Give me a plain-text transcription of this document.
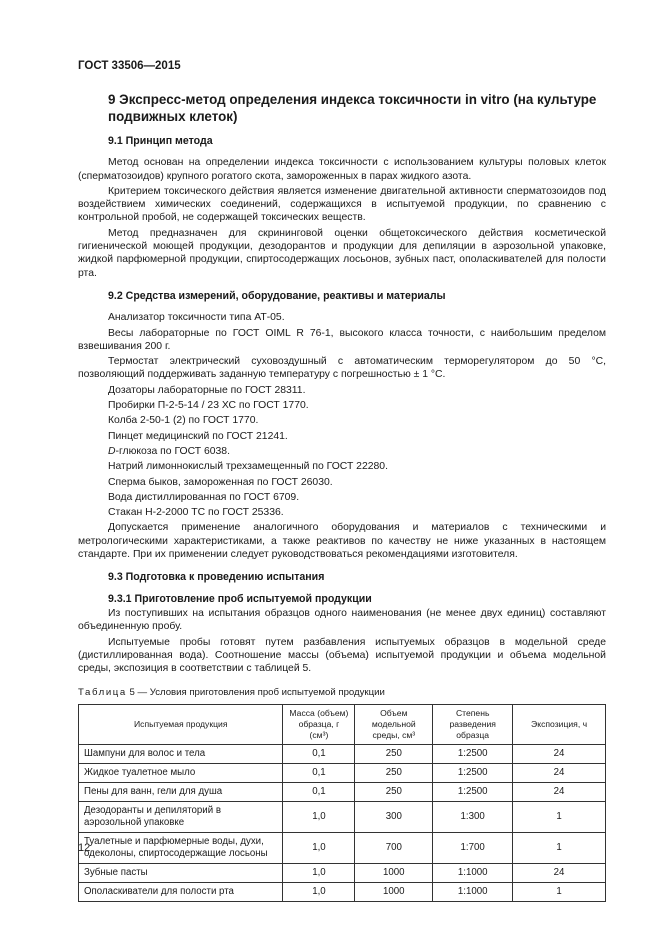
ГОСТ 33506—2015
9 Экспресс-метод определения индекса токсичности in vitro (на культуре подвижных клеток)
9.1 Принцип метода
Метод основан на определении индекса токсичности с использованием культуры половых клеток (сперматозоидов) крупного рогатого скота, замороженных в парах жидкого азота.
Критерием токсического действия является изменение двигательной активности сперматозоидов под воздействием химических соединений, содержащихся в испытуемой продукции, по сравнению с контрольной пробой, не содержащей токсических веществ.
Метод предназначен для скрининговой оценки общетоксического действия косметической гигиенической моющей продукции, дезодорантов и продукции для депиляции в аэрозольной упаковке, жидкой парфюмерной продукции, спиртосодержащих лосьонов, зубных паст, ополаскивателей для полости рта.
9.2 Средства измерений, оборудование, реактивы и материалы
Анализатор токсичности типа АТ-05.
Весы лабораторные по ГОСТ OIML R 76-1, высокого класса точности, с наибольшим пределом взвешивания 200 г.
Термостат электрический суховоздушный с автоматическим терморегулятором до 50 °С, позволяющий поддерживать заданную температуру с погрешностью ± 1 °С.
Дозаторы лабораторные по ГОСТ 28311.
Пробирки П-2-5-14 / 23 ХС по ГОСТ 1770.
Колба 2-50-1 (2) по ГОСТ 1770.
Пинцет медицинский по ГОСТ 21241.
D-глюкоза по ГОСТ 6038.
Натрий лимоннокислый трехзамещенный по ГОСТ 22280.
Сперма быков, замороженная по ГОСТ 26030.
Вода дистиллированная по ГОСТ 6709.
Стакан Н-2-2000 ТС по ГОСТ 25336.
Допускается применение аналогичного оборудования и материалов с техническими и метрологическими характеристиками, а также реактивов по качеству не ниже указанных в настоящем стандарте. При их применении следует руководствоваться рекомендациями изготовителя.
9.3 Подготовка к проведению испытания
9.3.1 Приготовление проб испытуемой продукции
Из поступивших на испытания образцов одного наименования (не менее двух единиц) составляют объединенную пробу.
Испытуемые пробы готовят путем разбавления испытуемых образцов в модельной среде (дистиллированная вода). Соотношение массы (объема) испытуемой продукции и объема модельной среды, экспозиция в соответствии с таблицей 5.
Таблица 5 — Условия приготовления проб испытуемой продукции
Испытуемая продукция	Масса (объем) образца, г (см³)	Объем модельной среды, см³	Степень разведения образца	Экспозиция, ч
Шампуни для волос и тела	0,1	250	1:2500	24
Жидкое туалетное мыло	0,1	250	1:2500	24
Пены для ванн, гели для душа	0,1	250	1:2500	24
Дезодоранты и депиляторий в аэрозольной упаковке	1,0	300	1:300	1
Туалетные и парфюмерные воды, духи, одеколоны, спиртосодержащие лосьоны	1,0	700	1:700	1
Зубные пасты	1,0	1000	1:1000	24
Ополаскиватели для полости рта	1,0	1000	1:1000	1
12
